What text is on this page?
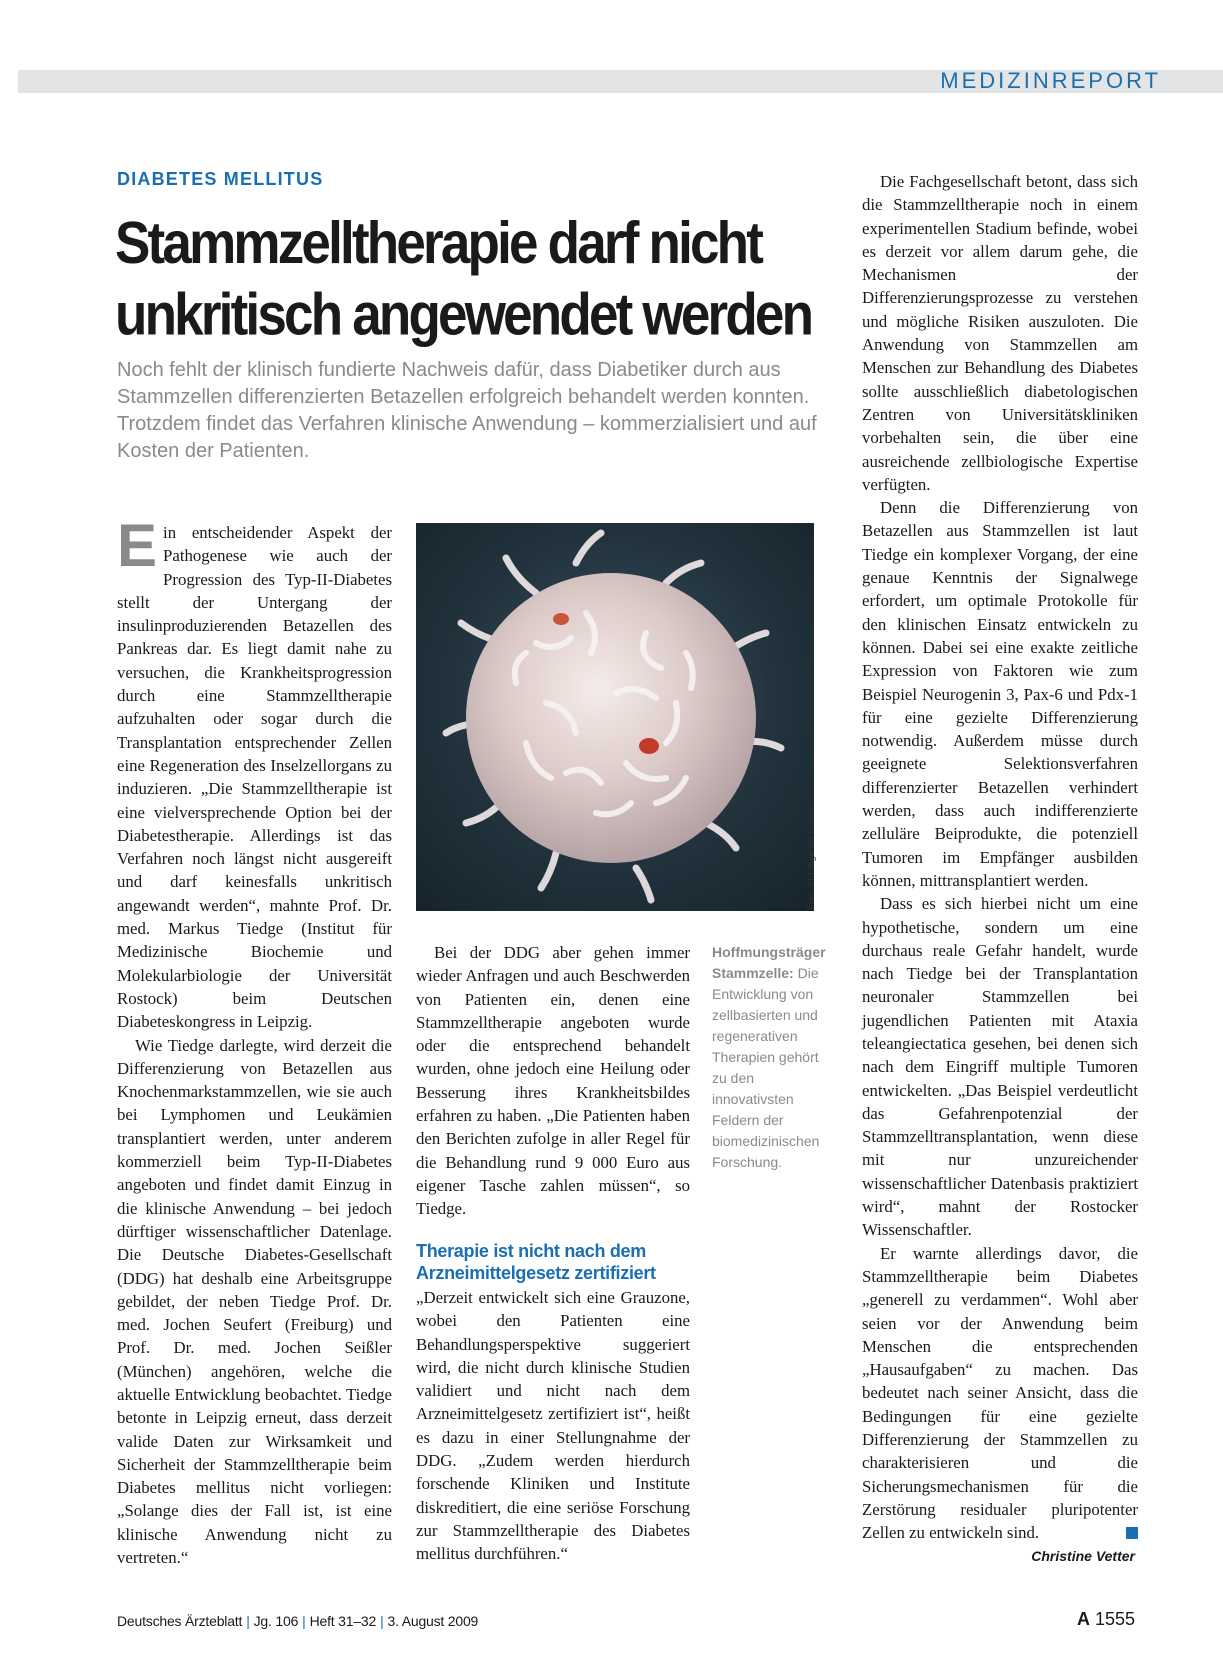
MEDIZINREPORT
DIABETES MELLITUS
Stammzelltherapie darf nicht
unkritisch angewendet werden

Noch fehlt der klinisch fundierte Nachweis dafür, dass Diabetiker durch aus Stammzellen differenzierten Betazellen erfolgreich behandelt werden konnten. Trotzdem findet das Verfahren klinische Anwendung – kommerzialisiert und auf Kosten der Patienten.

Ein entscheidender Aspekt der Pathogenese wie auch der Progression des Typ-II-Diabetes stellt der Untergang der insulinproduzierenden Betazellen des Pankreas dar. Es liegt damit nahe zu versuchen, die Krankheitsprogression durch eine Stammzelltherapie aufzuhalten oder sogar durch die Transplantation entsprechender Zellen eine Regeneration des Inselzellorgans zu induzieren. „Die Stammzelltherapie ist eine vielversprechende Option bei der Diabetestherapie. Allerdings ist das Verfahren noch längst nicht ausgereift und darf keinesfalls unkritisch angewandt werden“, mahnte Prof. Dr. med. Markus Tiedge (Institut für Medizinische Biochemie und Molekularbiologie der Universität Rostock) beim Deutschen Diabeteskongress in Leipzig.

Wie Tiedge darlegte, wird derzeit die Differenzierung von Betazellen aus Knochenmarkstammzellen, wie sie auch bei Lymphomen und Leukämien transplantiert werden, unter anderem kommerziell beim Typ-II-Diabetes angeboten und findet damit Einzug in die klinische Anwendung – bei jedoch dürftiger wissenschaftlicher Datenlage. Die Deutsche Diabetes-Gesellschaft (DDG) hat deshalb eine Arbeitsgruppe gebildet, der neben Tiedge Prof. Dr. med. Jochen Seufert (Freiburg) und Prof. Dr. med. Jochen Seißler (München) angehören, welche die aktuelle Entwicklung beobachtet. Tiedge betonte in Leipzig erneut, dass derzeit valide Daten zur Wirksamkeit und Sicherheit der Stammzelltherapie beim Diabetes mellitus nicht vorliegen: „Solange dies der Fall ist, ist eine klinische Anwendung nicht zu vertreten.“

Foto: SPL/Agentur Focus

Bei der DDG aber gehen immer wieder Anfragen und auch Beschwerden von Patienten ein, denen eine Stammzelltherapie angeboten wurde oder die entsprechend behandelt wurden, ohne jedoch eine Heilung oder Besserung ihres Krankheitsbildes erfahren zu haben. „Die Patienten haben den Berichten zufolge in aller Regel für die Behandlung rund 9 000 Euro aus eigener Tasche zahlen müssen“, so Tiedge.

Therapie ist nicht nach dem Arzneimittelgesetz zertifiziert

„Derzeit entwickelt sich eine Grauzone, wobei den Patienten eine Behandlungsperspektive suggeriert wird, die nicht durch klinische Studien validiert und nicht nach dem Arzneimittelgesetz zertifiziert ist“, heißt es dazu in einer Stellungnahme der DDG. „Zudem werden hierdurch forschende Kliniken und Institute diskreditiert, die eine seriöse Forschung zur Stammzelltherapie des Diabetes mellitus durchführen.“

Hoffmungsträger Stammzelle: Die Entwicklung von zellbasierten und regenerativen Therapien gehört zu den innovativsten Feldern der biomedizinischen Forschung.

Die Fachgesellschaft betont, dass sich die Stammzelltherapie noch in einem experimentellen Stadium befinde, wobei es derzeit vor allem darum gehe, die Mechanismen der Differenzierungsprozesse zu verstehen und mögliche Risiken auszuloten. Die Anwendung von Stammzellen am Menschen zur Behandlung des Diabetes sollte ausschließlich diabetologischen Zentren von Universitätskliniken vorbehalten sein, die über eine ausreichende zellbiologische Expertise verfügten.

Denn die Differenzierung von Betazellen aus Stammzellen ist laut Tiedge ein komplexer Vorgang, der eine genaue Kenntnis der Signalwege erfordert, um optimale Protokolle für den klinischen Einsatz entwickeln zu können. Dabei sei eine exakte zeitliche Expression von Faktoren wie zum Beispiel Neurogenin 3, Pax-6 und Pdx-1 für eine gezielte Differenzierung notwendig. Außerdem müsse durch geeignete Selektionsverfahren differenzierter Betazellen verhindert werden, dass auch indifferenzierte zelluläre Beiprodukte, die potenziell Tumoren im Empfänger ausbilden können, mittransplantiert werden.

Dass es sich hierbei nicht um eine hypothetische, sondern um eine durchaus reale Gefahr handelt, wurde nach Tiedge bei der Transplantation neuronaler Stammzellen bei jugendlichen Patienten mit Ataxia teleangiectatica gesehen, bei denen sich nach dem Eingriff multiple Tumoren entwickelten. „Das Beispiel verdeutlicht das Gefahrenpotenzial der Stammzelltransplantation, wenn diese mit nur unzureichender wissenschaftlicher Datenbasis praktiziert wird“, mahnt der Rostocker Wissenschaftler.

Er warnte allerdings davor, die Stammzelltherapie beim Diabetes „generell zu verdammen“. Wohl aber seien vor der Anwendung beim Menschen die entsprechenden „Hausaufgaben“ zu machen. Das bedeutet nach seiner Ansicht, dass die Bedingungen für eine gezielte Differenzierung der Stammzellen zu charakterisieren und die Sicherungsmechanismen für die Zerstörung residualer pluripotenter Zellen zu entwickeln sind.

Christine Vetter
Deutsches Ärzteblatt | Jg. 106 | Heft 31–32 | 3. August 2009	A 1555
